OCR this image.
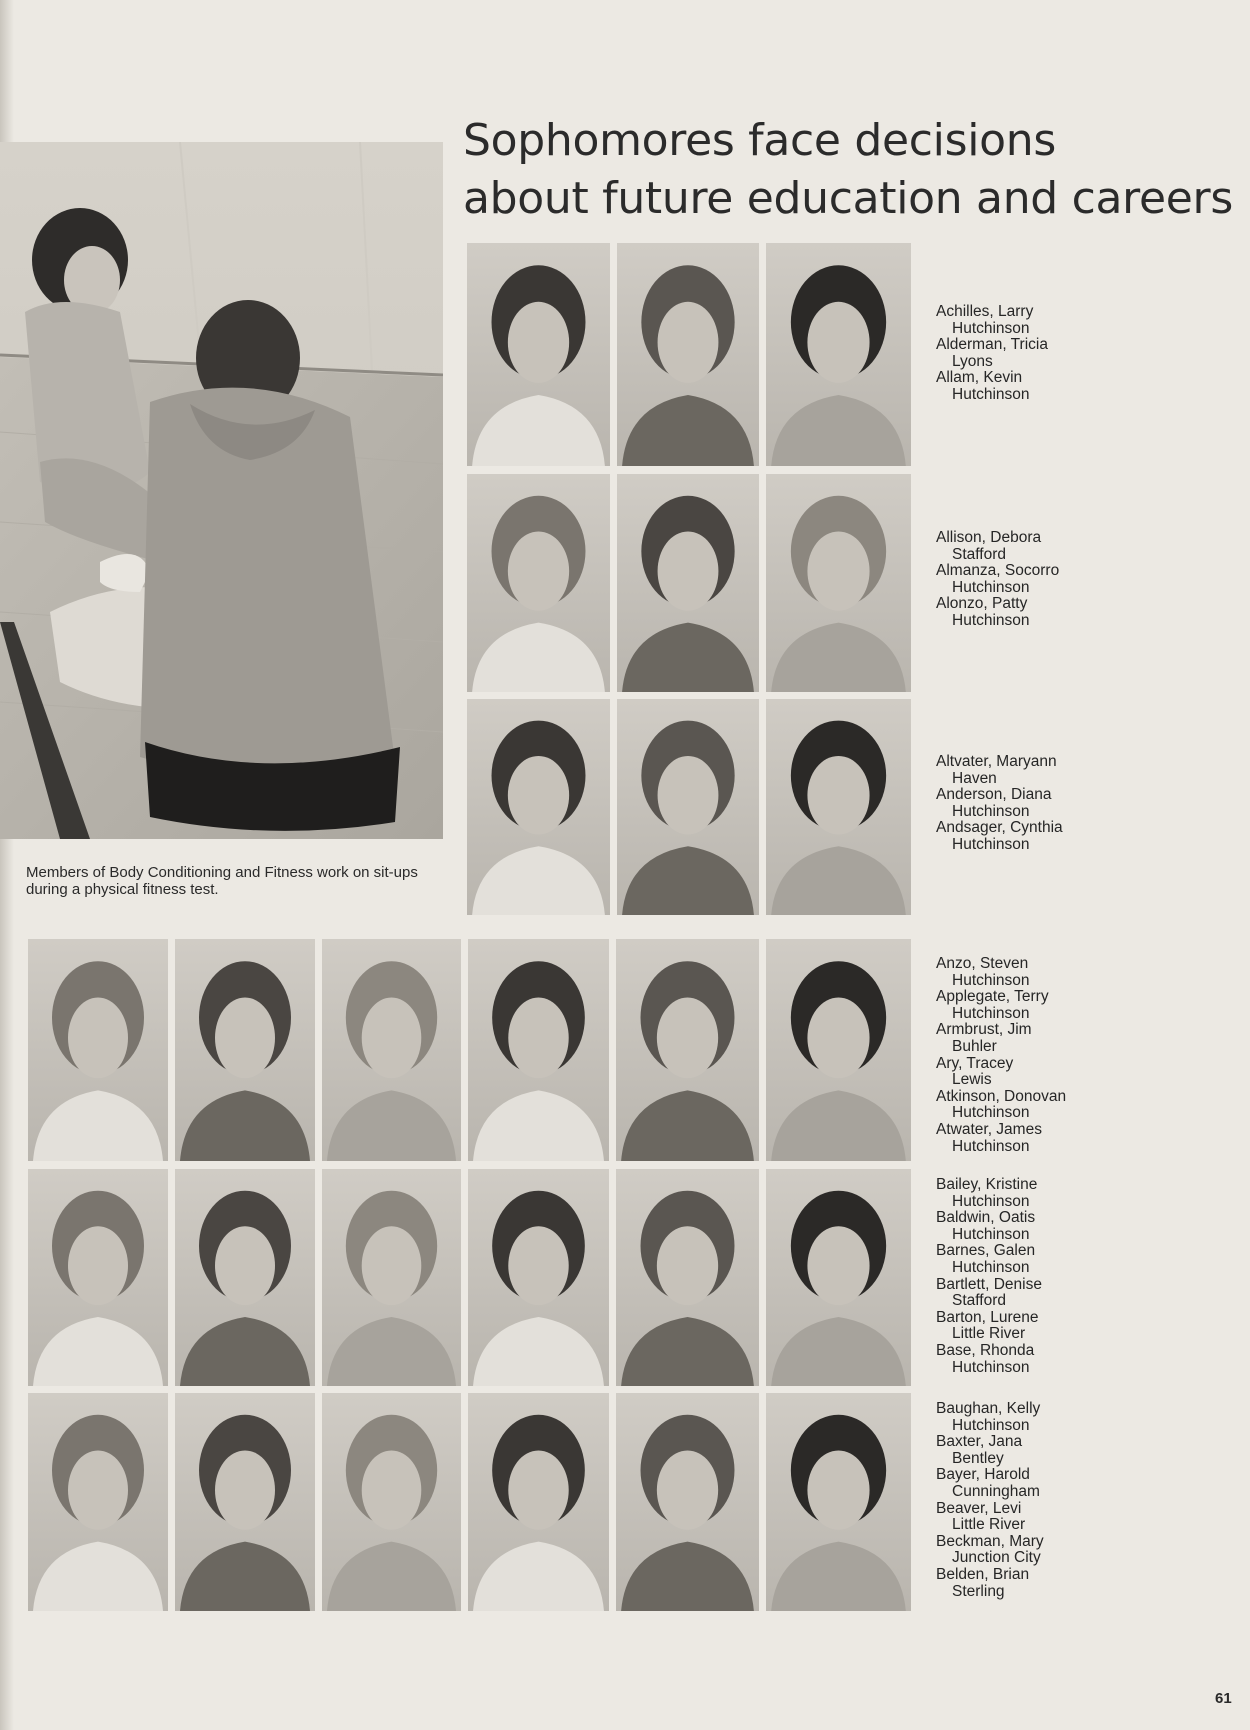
Sophomores face decisions
about future education and careers
Members of Body Conditioning and Fitness work on sit-ups during a physical fitness test.
Achilles, Larry
Hutchinson
Alderman, Tricia
Lyons
Allam, Kevin
Hutchinson
Allison, Debora
Stafford
Almanza, Socorro
Hutchinson
Alonzo, Patty
Hutchinson
Altvater, Maryann
Haven
Anderson, Diana
Hutchinson
Andsager, Cynthia
Hutchinson
Anzo, Steven
Hutchinson
Applegate, Terry
Hutchinson
Armbrust, Jim
Buhler
Ary, Tracey
Lewis
Atkinson, Donovan
Hutchinson
Atwater, James
Hutchinson
Bailey, Kristine
Hutchinson
Baldwin, Oatis
Hutchinson
Barnes, Galen
Hutchinson
Bartlett, Denise
Stafford
Barton, Lurene
Little River
Base, Rhonda
Hutchinson
Baughan, Kelly
Hutchinson
Baxter, Jana
Bentley
Bayer, Harold
Cunningham
Beaver, Levi
Little River
Beckman, Mary
Junction City
Belden, Brian
Sterling
61
